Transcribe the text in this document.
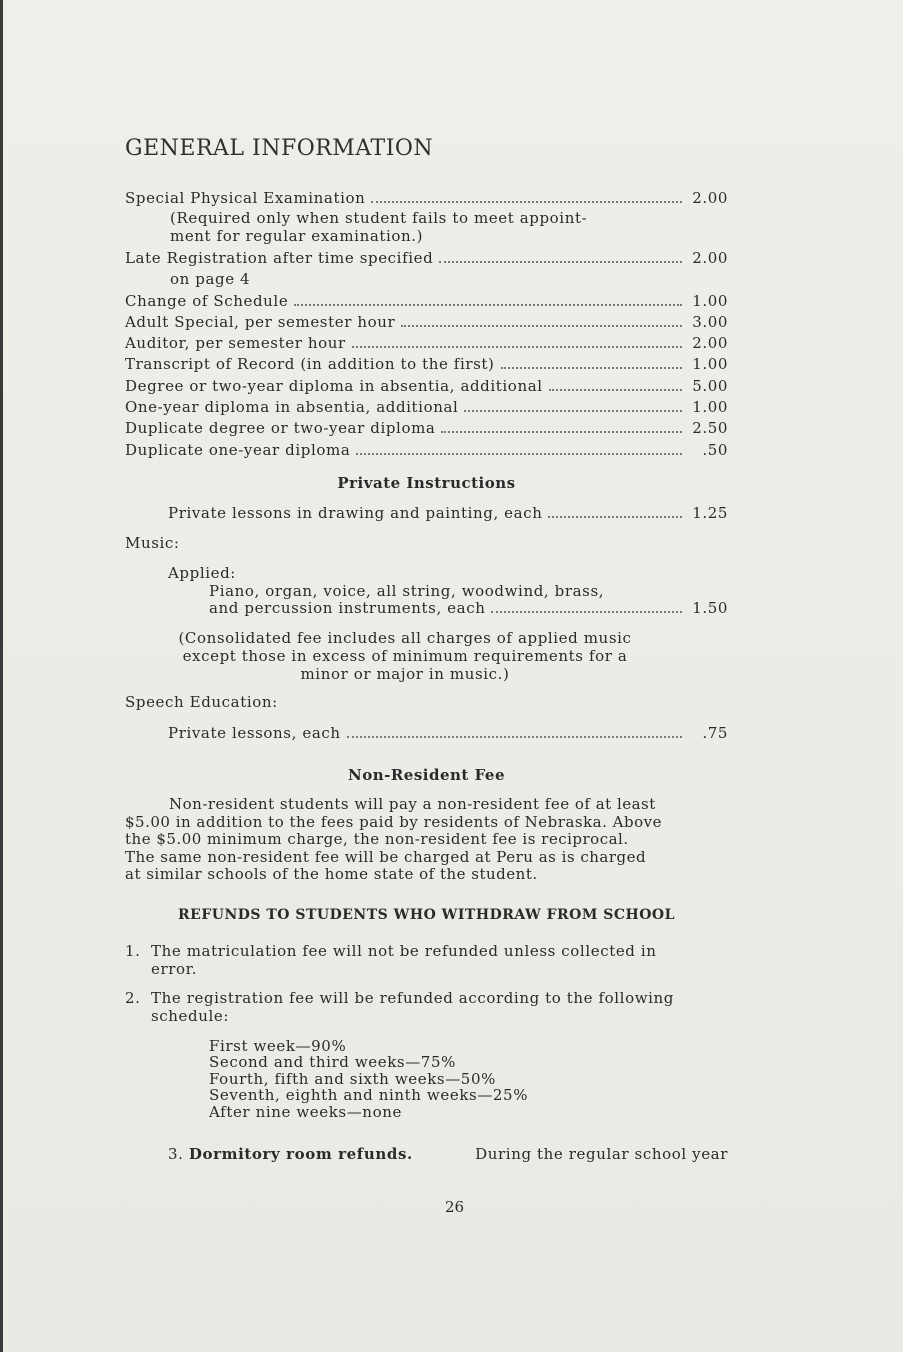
GENERAL INFORMATION
Special Physical Examination	2.00
(Required only when student fails to meet appoint-
ment for regular examination.)
Late Registration after time specified	2.00
on page 4
Change of Schedule	1.00
Adult Special, per semester hour	3.00
Auditor, per semester hour	2.00
Transcript of Record (in addition to the first)	1.00
Degree or two-year diploma in absentia, additional	5.00
One-year diploma in absentia, additional	1.00
Duplicate degree or two-year diploma	2.50
Duplicate one-year diploma	.50
Private Instructions
Private lessons in drawing and painting, each	1.25
Music:
Applied:
Piano, organ, voice, all string, woodwind, brass,
and percussion instruments, each	1.50
(Consolidated fee includes all charges of applied music
except those in excess of minimum requirements for a
minor or major in music.)
Speech Education:
Private lessons, each	.75
Non-Resident Fee
Non-resident students will pay a non-resident fee of at least
$5.00 in addition to the fees paid by residents of Nebraska. Above
the $5.00 minimum charge, the non-resident fee is reciprocal.
The same non-resident fee will be charged at Peru as is charged
at similar schools of the home state of the student.
REFUNDS TO STUDENTS WHO WITHDRAW FROM SCHOOL
1. The matriculation fee will not be refunded unless collected in
error.
2. The registration fee will be refunded according to the following
schedule:
First week—90%
Second and third weeks—75%
Fourth, fifth and sixth weeks—50%
Seventh, eighth and ninth weeks—25%
After nine weeks—none
3. Dormitory room refunds.	During the regular school year
26
